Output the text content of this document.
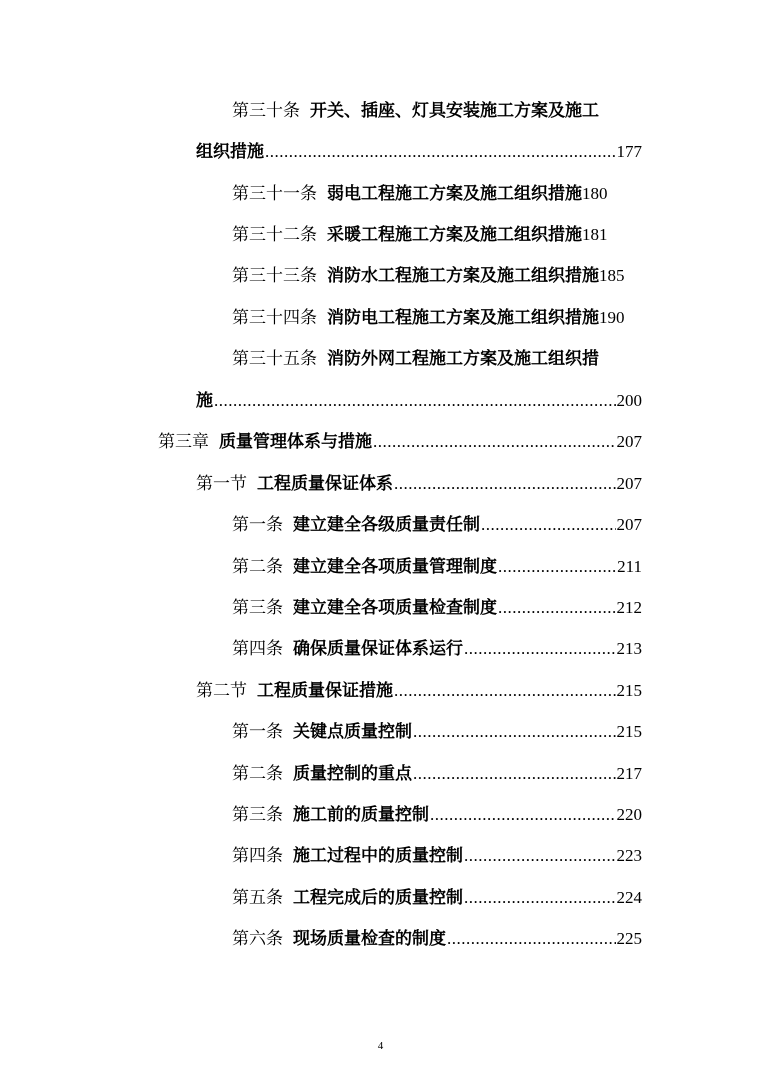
第三十条 开关、插座、灯具安装施工方案及施工
组织措施 .....	177
第三十一条 弱电工程施工方案及施工组织措施 180
第三十二条 采暖工程施工方案及施工组织措施 181
第三十三条 消防水工程施工方案及施工组织措施 185
第三十四条 消防电工程施工方案及施工组织措施 190
第三十五条 消防外网工程施工方案及施工组织措
施 .....	200
第三章 质量管理体系与措施 .....	207
第一节 工程质量保证体系 .....	207
第一条 建立建全各级质量责任制 .....	207
第二条 建立建全各项质量管理制度 .....	211
第三条 建立建全各项质量检查制度 .....	212
第四条 确保质量保证体系运行 .....	213
第二节 工程质量保证措施 .....	215
第一条 关键点质量控制 .....	215
第二条 质量控制的重点 .....	217
第三条 施工前的质量控制 .....	220
第四条 施工过程中的质量控制 .....	223
第五条 工程完成后的质量控制 .....	224
第六条 现场质量检查的制度 .....	225
4
